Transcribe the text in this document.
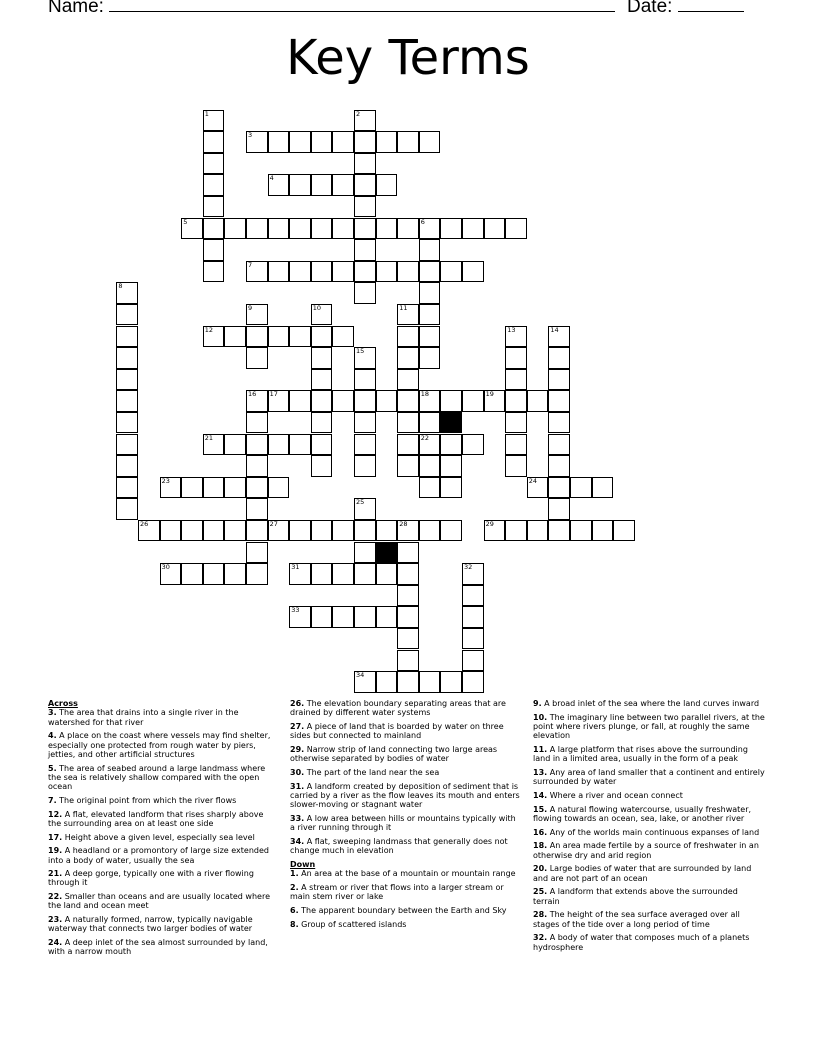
Name:	Date:
Key Terms
3
4
5	6
7
12
17	18	19
21	22
23	24
26	27	28	29
30	31
33
34
1	2
8
9	10	11
13	14
15
16
20
25
32
Across
3. The area that drains into a single river in the watershed for that river
4. A place on the coast where vessels may find shelter, especially one protected from rough water by piers, jetties, and other artificial structures
5. The area of seabed around a large landmass where the sea is relatively shallow compared with the open ocean
7. The original point from which the river flows
12. A flat, elevated landform that rises sharply above the surrounding area on at least one side
17. Height above a given level, especially sea level
19. A headland or a promontory of large size extended into a body of water, usually the sea
21. A deep gorge, typically one with a river flowing through it
22. Smaller than oceans and are usually located where the land and ocean meet
23. A naturally formed, narrow, typically navigable waterway that connects two larger bodies of water
24. A deep inlet of the sea almost surrounded by land, with a narrow mouth
26. The elevation boundary separating areas that are drained by different water systems
27. A piece of land that is boarded by water on three sides but connected to mainland
29. Narrow strip of land connecting two large areas otherwise separated by bodies of water
30. The part of the land near the sea
31. A landform created by deposition of sediment that is carried by a river as the flow leaves its mouth and enters slower-moving or stagnant water
33. A low area between hills or mountains typically with a river running through it
34. A flat, sweeping landmass that generally does not change much in elevation
Down
1. An area at the base of a mountain or mountain range
2. A stream or river that flows into a larger stream or main stem river or lake
6. The apparent boundary between the Earth and Sky
8. Group of scattered islands
9. A broad inlet of the sea where the land curves inward
10. The imaginary line between two parallel rivers, at the point where rivers plunge, or fall, at roughly the same elevation
11. A large platform that rises above the surrounding land in a limited area, usually in the form of a peak
13. Any area of land smaller that a continent and entirely surrounded by water
14. Where a river and ocean connect
15. A natural flowing watercourse, usually freshwater, flowing towards an ocean, sea, lake, or another river
16. Any of the worlds main continuous expanses of land
18. An area made fertile by a source of freshwater in an otherwise dry and arid region
20. Large bodies of water that are surrounded by land and are not part of an ocean
25. A landform that extends above the surrounded terrain
28. The height of the sea surface averaged over all stages of the tide over a long period of time
32. A body of water that composes much of a planets hydrosphere
